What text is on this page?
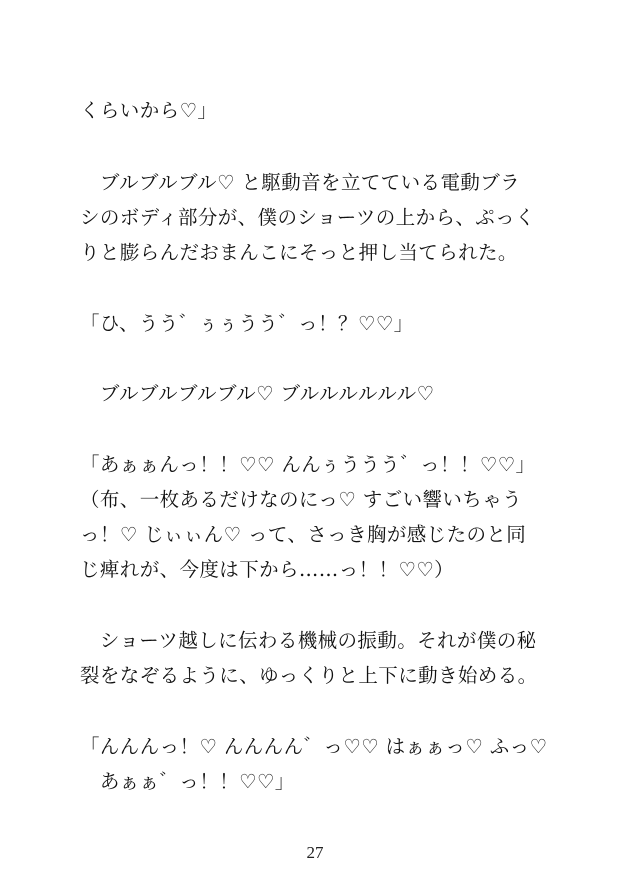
くらいから♡」
　ブルブルブル♡ と駆動音を立てている電動ブラ
シのボディ部分が、僕のショーツの上から、ぷっく
りと膨らんだおまんこにそっと押し当てられた。
「ひ、うう゛ぅぅうう゛っ！？♡♡」
　ブルブルブルブル♡ ブルルルルルル♡
「あぁぁんっ！！♡♡ んんぅううう゛っ！！♡♡」
（布、一枚あるだけなのにっ♡ すごい響いちゃう
っ！♡ じぃぃん♡ って、さっき胸が感じたのと同
じ痺れが、今度は下から……っ！！♡♡）
　ショーツ越しに伝わる機械の振動。それが僕の秘
裂をなぞるように、ゆっくりと上下に動き始める。
「んんんっ！♡ んんんん゛っ♡♡ はぁぁっ♡ ふっ♡
　あぁぁ゛っ！！♡♡」
27
